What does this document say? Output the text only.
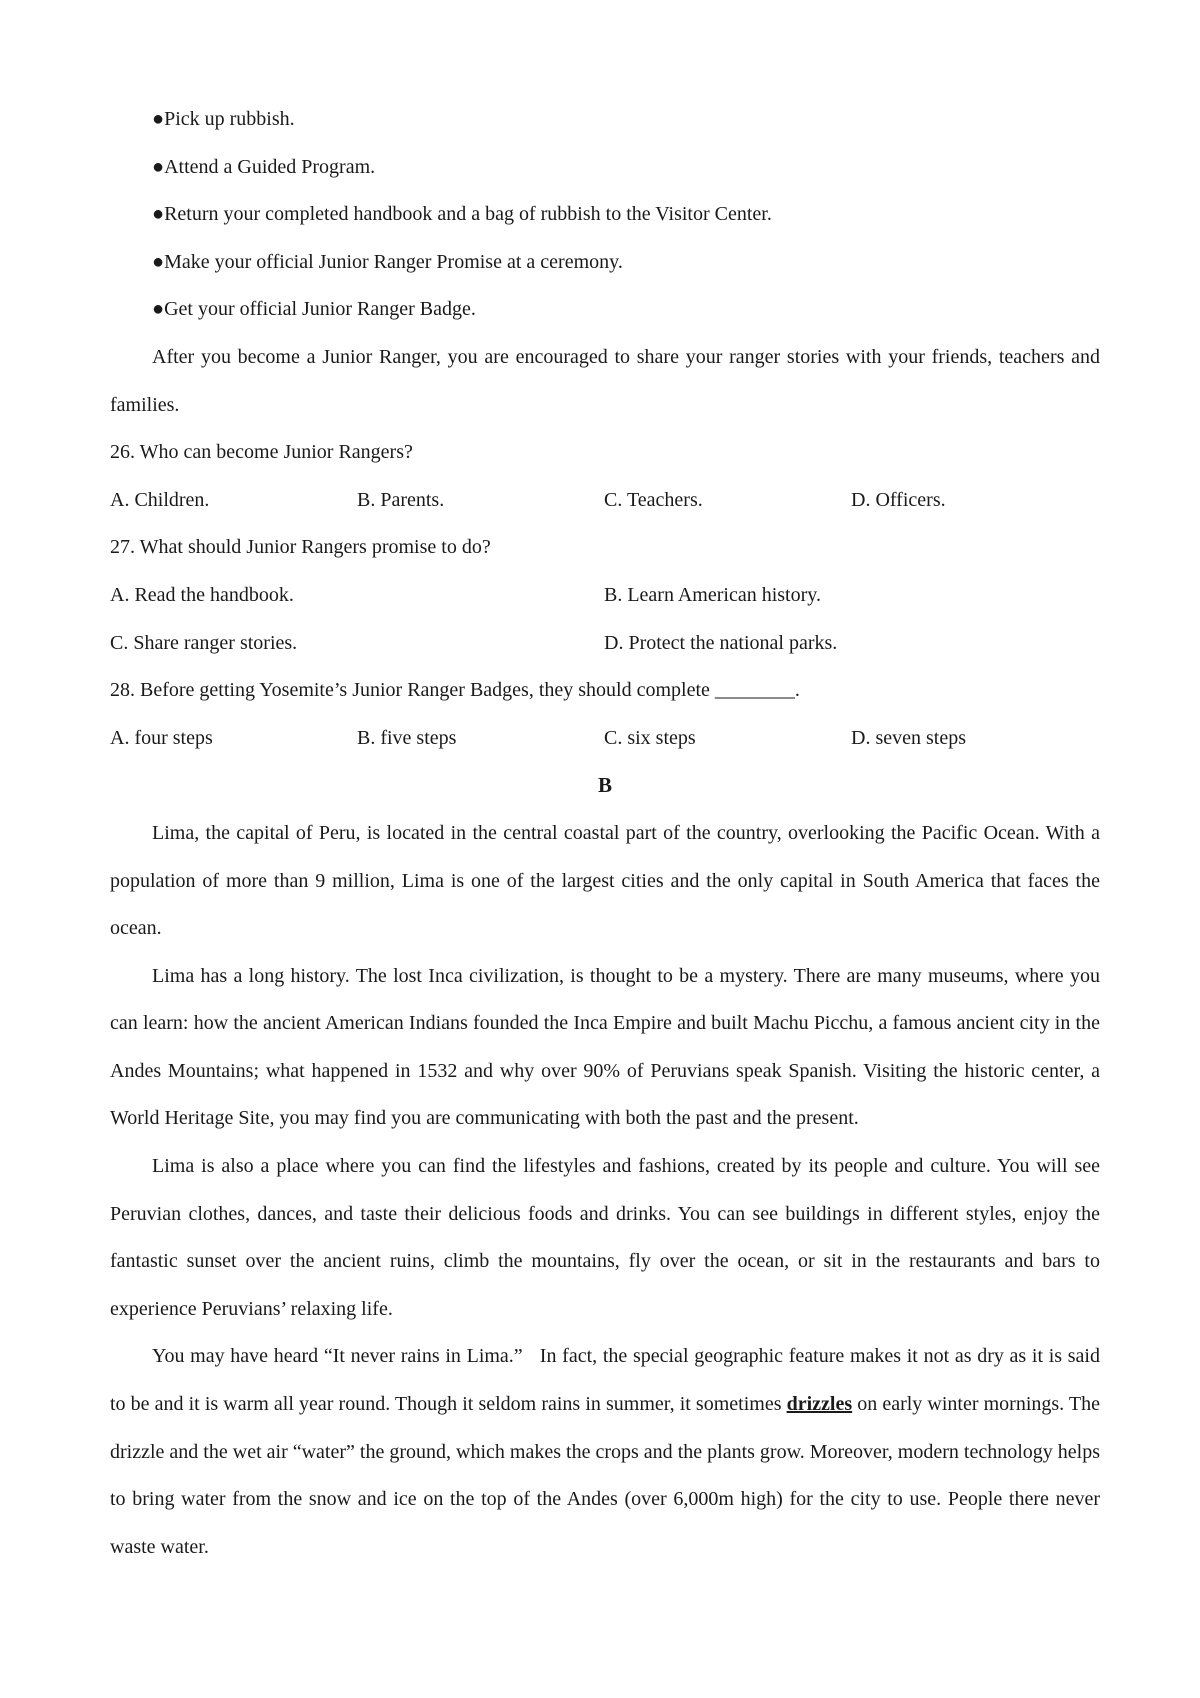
●Pick up rubbish.
●Attend a Guided Program.
●Return your completed handbook and a bag of rubbish to the Visitor Center.
●Make your official Junior Ranger Promise at a ceremony.
●Get your official Junior Ranger Badge.
After you become a Junior Ranger, you are encouraged to share your ranger stories with your friends, teachers and families.
26. Who can become Junior Rangers?
A. Children.	B. Parents.	C. Teachers.	D. Officers.
27. What should Junior Rangers promise to do?
A. Read the handbook.	B. Learn American history.
C. Share ranger stories.	D. Protect the national parks.
28. Before getting Yosemite’s Junior Ranger Badges, they should complete ________.
A. four steps	B. five steps	C. six steps	D. seven steps
B
Lima, the capital of Peru, is located in the central coastal part of the country, overlooking the Pacific Ocean. With a population of more than 9 million, Lima is one of the largest cities and the only capital in South America that faces the ocean.
Lima has a long history. The lost Inca civilization, is thought to be a mystery. There are many museums, where you can learn: how the ancient American Indians founded the Inca Empire and built Machu Picchu, a famous ancient city in the Andes Mountains; what happened in 1532 and why over 90% of Peruvians speak Spanish. Visiting the historic center, a World Heritage Site, you may find you are communicating with both the past and the present.
Lima is also a place where you can find the lifestyles and fashions, created by its people and culture. You will see Peruvian clothes, dances, and taste their delicious foods and drinks. You can see buildings in different styles, enjoy the fantastic sunset over the ancient ruins, climb the mountains, fly over the ocean, or sit in the restaurants and bars to experience Peruvians’ relaxing life.
You may have heard “It never rains in Lima.”   In fact, the special geographic feature makes it not as dry as it is said to be and it is warm all year round. Though it seldom rains in summer, it sometimes drizzles on early winter mornings. The drizzle and the wet air “water” the ground, which makes the crops and the plants grow. Moreover, modern technology helps to bring water from the snow and ice on the top of the Andes (over 6,000m high) for the city to use. People there never waste water.
